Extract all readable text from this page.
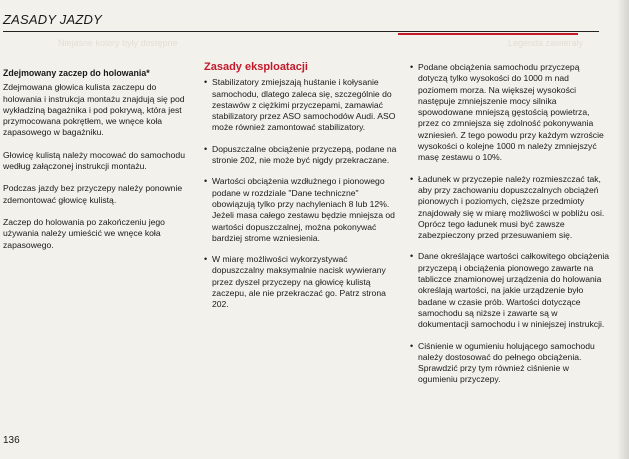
ZASADY JAZDY
Niejasne kolory były dostępne	Legenda zawierały
Zdejmowany zaczep do holowania*

Zdejmowana głowica kulista zaczepu do holowania i instrukcja montażu znajdują się pod wykładziną bagażnika i pod pokrywą, która jest przymocowana pokrętłem, we wnęce koła zapasowego w bagażniku.

Głowicę kulistą należy mocować do samochodu według załączonej instrukcji montażu.

Podczas jazdy bez przyczepy należy ponownie zdemontować głowicę kulistą.

Zaczep do holowania po zakończeniu jego używania należy umieścić we wnęce koła zapasowego.

Zasady eksploatacji

• Stabilizatory zmiejszają huśtanie i kołysanie samochodu, dlatego zaleca się, szczególnie do zestawów z ciężkimi przyczepami, zamawiać stabilizatory przez ASO samochodów Audi. ASO może również zamontować stabilizatory.

• Dopuszczalne obciążenie przyczepą, podane na stronie 202, nie może być nigdy przekraczane.

• Wartości obciążenia wzdłużnego i pionowego podane w rozdziale "Dane techniczne" obowiązują tylko przy nachyleniach 8 lub 12%. Jeżeli masa całego zestawu będzie mniejsza od wartości dopuszczalnej, można pokonywać bardziej strome wzniesienia.

• W miarę możliwości wykorzystywać dopuszczalny maksymalnie nacisk wywierany przez dyszel przyczepy na głowicę kulistą zaczepu, ale nie przekraczać go. Patrz strona 202.

• Podane obciążenia samochodu przyczepą dotyczą tylko wysokości do 1000 m nad poziomem morza. Na większej wysokości następuje zmniejszenie mocy silnika spowodowane mniejszą gęstością powietrza, przez co zmniejsza się zdolność pokonywania wzniesień. Z tego powodu przy każdym wzroście wysokości o kolejne 1000 m należy zmniejszyć masę zestawu o 10%.

• Ładunek w przyczepie należy rozmieszczać tak, aby przy zachowaniu dopuszczalnych obciążeń pionowych i poziomych, cięższe przedmioty znajdowały się w miarę możliwości w pobliżu osi. Oprócz tego ładunek musi być zawsze zabezpieczony przed przesuwaniem się.

• Dane określające wartości całkowitego obciążenia przyczepą i obciążenia pionowego zawarte na tabliczce znamionowej urządzenia do holowania określają wartości, na jakie urządzenie było badane w czasie prób. Wartości dotyczące samochodu są niższe i zawarte są w dokumentacji samochodu i w niniejszej instrukcji.

• Ciśnienie w ogumieniu holującego samochodu należy dostosować do pełnego obciążenia. Sprawdzić przy tym również ciśnienie w ogumieniu przyczepy.

136
